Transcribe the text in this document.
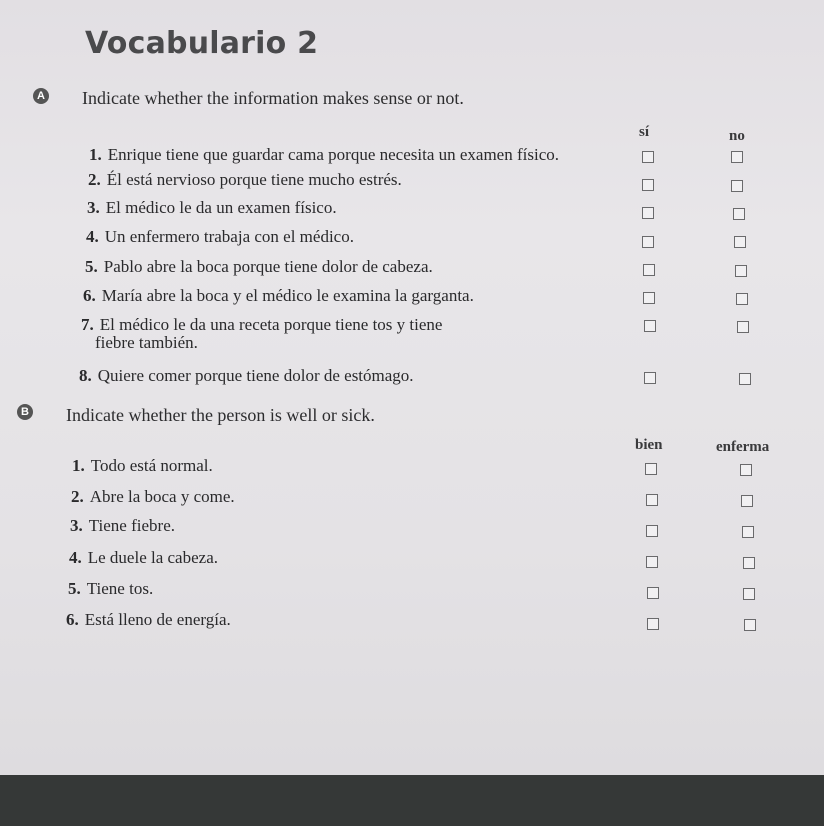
Vocabulario 2
A Indicate whether the information makes sense or not.
sí	no
1. Enrique tiene que guardar cama porque necesita un examen físico.
2. Él está nervioso porque tiene mucho estrés.
3. El médico le da un examen físico.
4. Un enfermero trabaja con el médico.
5. Pablo abre la boca porque tiene dolor de cabeza.
6. María abre la boca y el médico le examina la garganta.
7. El médico le da una receta porque tiene tos y tiene
fiebre también.
8. Quiere comer porque tiene dolor de estómago.
B Indicate whether the person is well or sick.
bien	enferma
1. Todo está normal.
2. Abre la boca y come.
3. Tiene fiebre.
4. Le duele la cabeza.
5. Tiene tos.
6. Está lleno de energía.
